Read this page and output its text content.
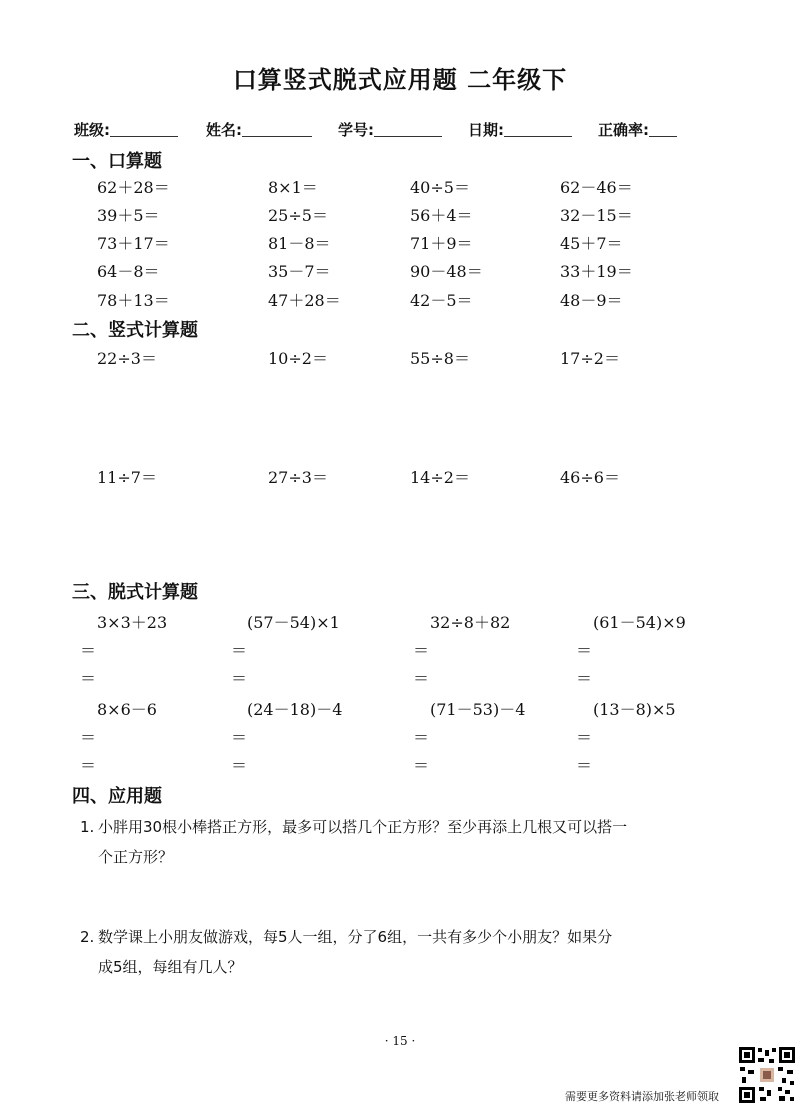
口算竖式脱式应用题 二年级下
班级:	姓名:	学号:	日期:	正确率:
一、口算题
二、竖式计算题
三、脱式计算题
四、应用题
62＋28＝	8×1＝	40÷5＝	62－46＝
39＋5＝	25÷5＝	56＋4＝	32－15＝
73＋17＝	81－8＝	71＋9＝	45＋7＝
64－8＝	35－7＝	90－48＝	33＋19＝
78＋13＝	47＋28＝	42－5＝	48－9＝
22÷3＝	10÷2＝	55÷8＝	17÷2＝
11÷7＝	27÷3＝	14÷2＝	46÷6＝
3×3＋23	(57－54)×1	32÷8＋82	(61－54)×9
＝	＝	＝	＝
＝	＝	＝	＝
8×6－6	(24－18)－4	(71－53)－4	(13－8)×5
＝	＝	＝	＝
＝	＝	＝	＝
1. 小胖用30根小棒搭正方形，最多可以搭几个正方形？至少再添上几根又可以搭一
个正方形？
2. 数学课上小朋友做游戏，每5人一组，分了6组，一共有多少个小朋友？如果分
成5组，每组有几人？
· 15 ·
需要更多资料请添加张老师领取
